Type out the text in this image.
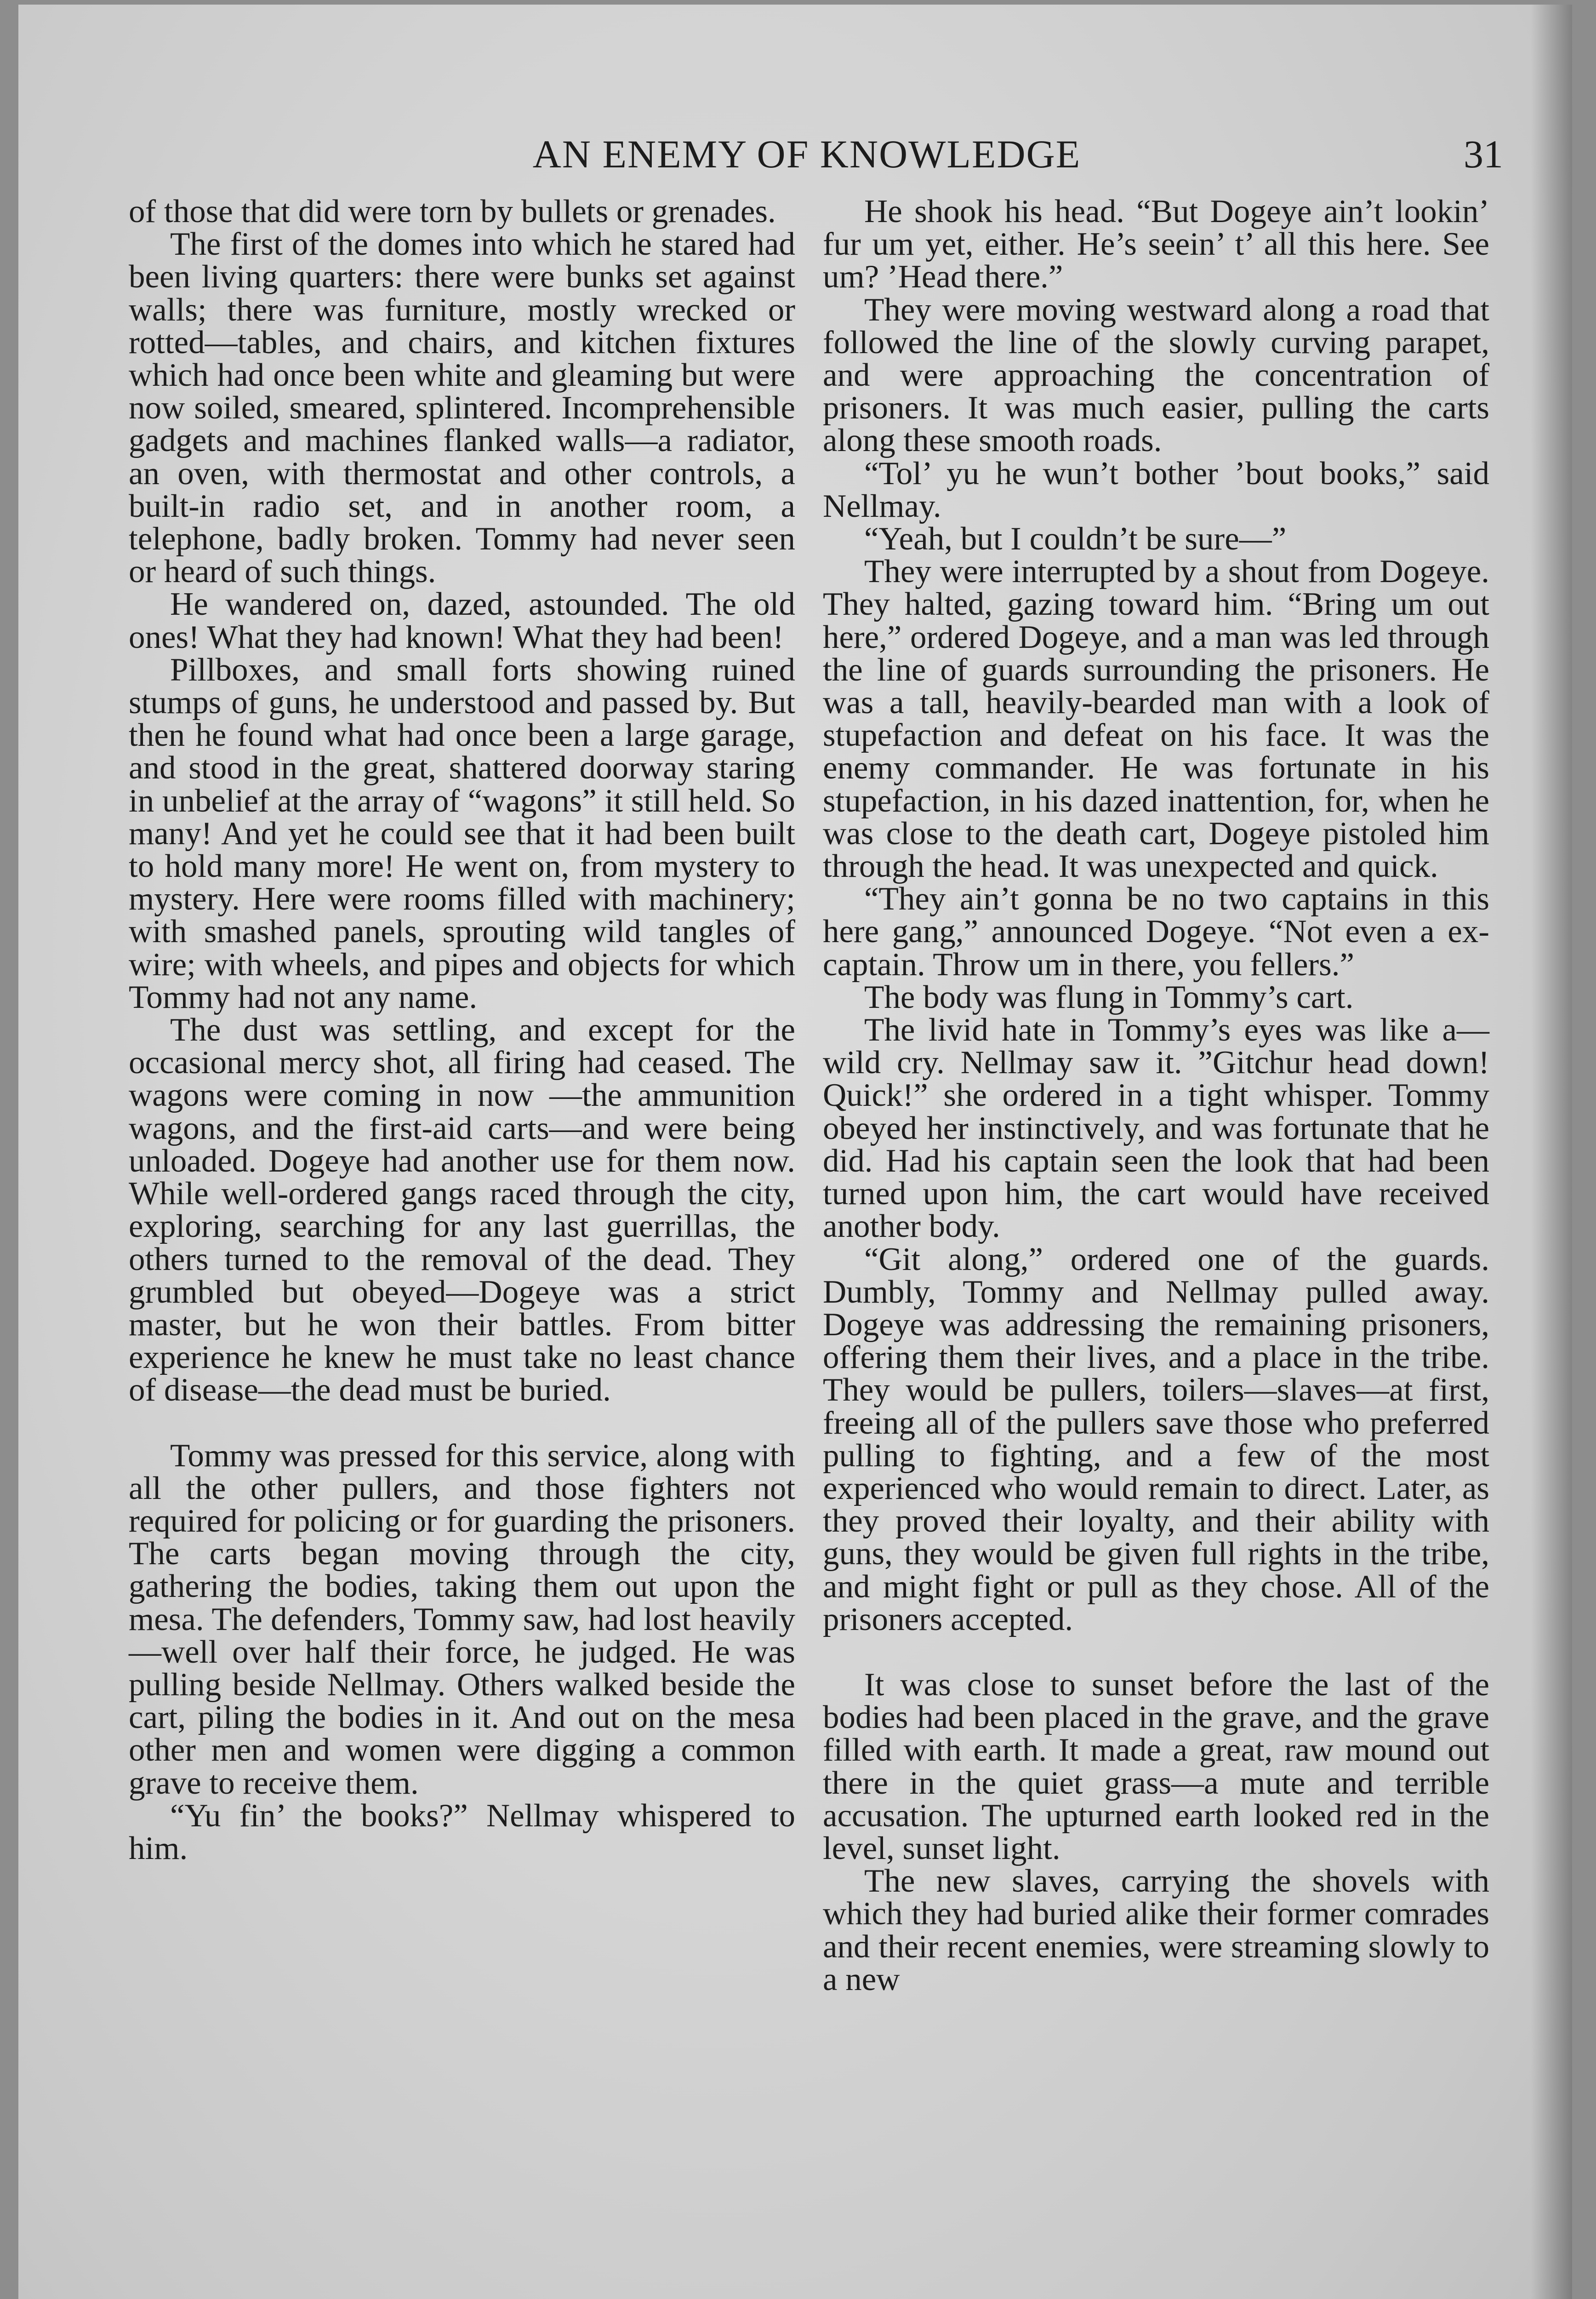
AN ENEMY OF KNOWLEDGE	31

of those that did were torn by bullets or grenades.

The first of the domes into which he stared had been living quarters: there were bunks set against walls; there was furniture, mostly wrecked or rotted—tables, and chairs, and kitchen fixtures which had once been white and gleaming but were now soiled, smeared, splintered. Incomprehensible gadgets and machines flanked walls—a radiator, an oven, with thermostat and other controls, a built-in radio set, and in another room, a telephone, badly broken. Tommy had never seen or heard of such things.

He wandered on, dazed, astounded. The old ones! What they had known! What they had been!

Pillboxes, and small forts showing ruined stumps of guns, he understood and passed by. But then he found what had once been a large garage, and stood in the great, shattered doorway staring in unbelief at the array of “wagons” it still held. So many! And yet he could see that it had been built to hold many more! He went on, from mystery to mystery. Here were rooms filled with machinery; with smashed panels, sprouting wild tangles of wire; with wheels, and pipes and objects for which Tommy had not any name.

The dust was settling, and except for the occasional mercy shot, all firing had ceased. The wagons were coming in now —the ammunition wagons, and the first-aid carts—and were being unloaded. Dogeye had another use for them now. While well-ordered gangs raced through the city, exploring, searching for any last guerrillas, the others turned to the removal of the dead. They grumbled but obeyed—Dogeye was a strict master, but he won their battles. From bitter experience he knew he must take no least chance of disease—the dead must be buried.

Tommy was pressed for this service, along with all the other pullers, and those fighters not required for policing or for guarding the prisoners. The carts began moving through the city, gathering the bodies, taking them out upon the mesa. The defenders, Tommy saw, had lost heavily—well over half their force, he judged. He was pulling beside Nellmay. Others walked beside the cart, piling the bodies in it. And out on the mesa other men and women were digging a common grave to receive them.

“Yu fin’ the books?” Nellmay whispered to him.

He shook his head. “But Dogeye ain’t lookin’ fur um yet, either. He’s seein’ t’ all this here. See um? ’Head there.”

They were moving westward along a road that followed the line of the slowly curving parapet, and were approaching the concentration of prisoners. It was much easier, pulling the carts along these smooth roads.

“Tol’ yu he wun’t bother ’bout books,” said Nellmay.

“Yeah, but I couldn’t be sure—”

They were interrupted by a shout from Dogeye. They halted, gazing toward him. “Bring um out here,” ordered Dogeye, and a man was led through the line of guards surrounding the prisoners. He was a tall, heavily-bearded man with a look of stupefaction and defeat on his face. It was the enemy commander. He was fortunate in his stupefaction, in his dazed inattention, for, when he was close to the death cart, Dogeye pistoled him through the head. It was unexpected and quick.

“They ain’t gonna be no two captains in this here gang,” announced Dogeye. “Not even a ex-captain. Throw um in there, you fellers.”

The body was flung in Tommy’s cart.

The livid hate in Tommy’s eyes was like a—wild cry. Nellmay saw it. ”Gitchur head down! Quick!” she ordered in a tight whisper. Tommy obeyed her instinctively, and was fortunate that he did. Had his captain seen the look that had been turned upon him, the cart would have received another body.

“Git along,” ordered one of the guards. Dumbly, Tommy and Nellmay pulled away. Dogeye was addressing the remaining prisoners, offering them their lives, and a place in the tribe. They would be pullers, toilers—slaves—at first, freeing all of the pullers save those who preferred pulling to fighting, and a few of the most experienced who would remain to direct. Later, as they proved their loyalty, and their ability with guns, they would be given full rights in the tribe, and might fight or pull as they chose. All of the prisoners accepted.

It was close to sunset before the last of the bodies had been placed in the grave, and the grave filled with earth. It made a great, raw mound out there in the quiet grass—a mute and terrible accusation. The upturned earth looked red in the level, sunset light.

The new slaves, carrying the shovels with which they had buried alike their former comrades and their recent enemies, were streaming slowly to a new
